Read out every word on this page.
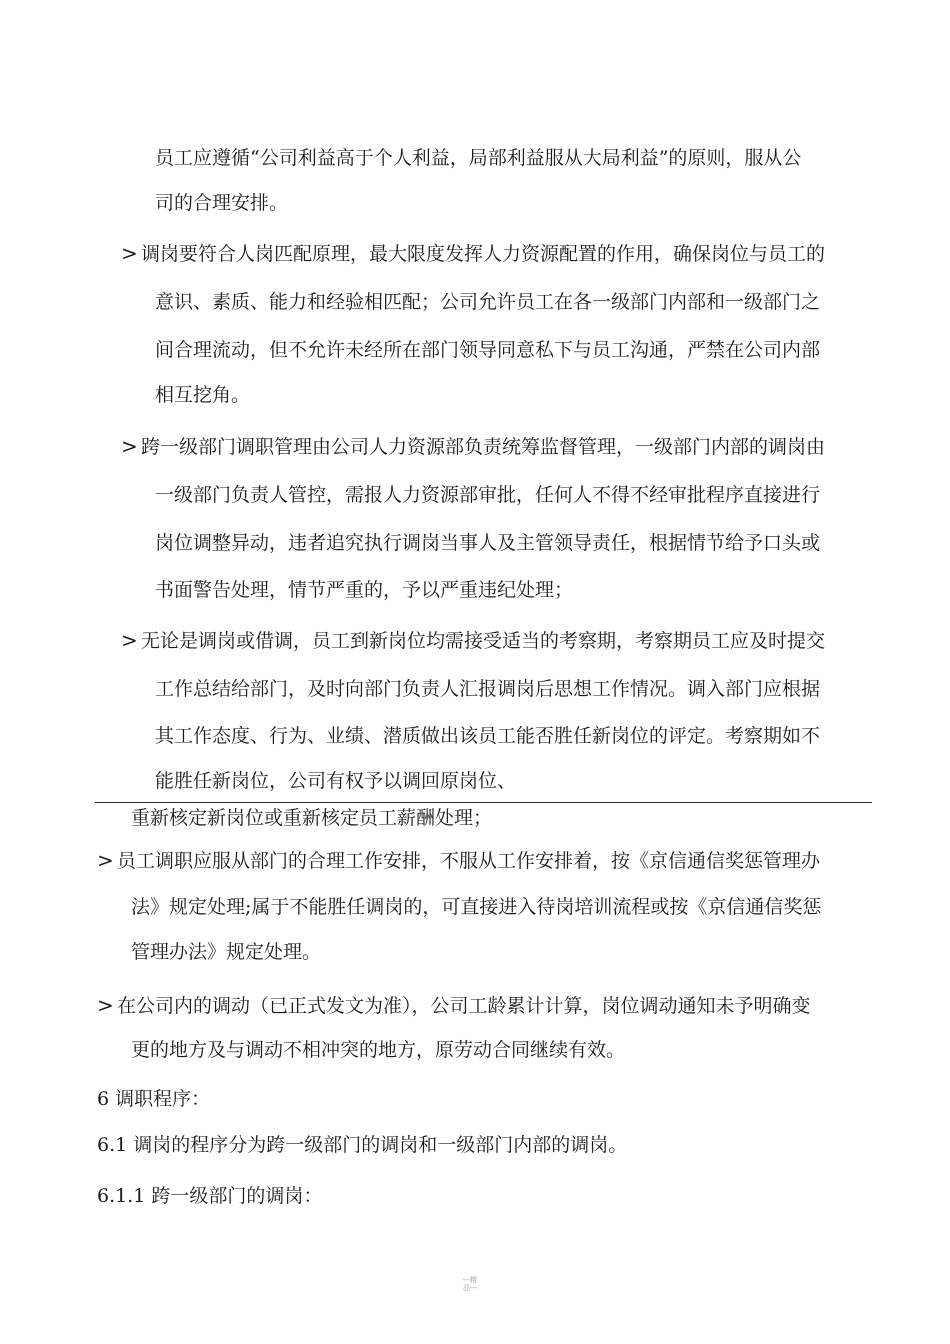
员工应遵循“公司利益高于个人利益，局部利益服从大局利益”的原则，服从公
司的合理安排。
> 调岗要符合人岗匹配原理，最大限度发挥人力资源配置的作用，确保岗位与员工的
意识、素质、能力和经验相匹配；公司允许员工在各一级部门内部和一级部门之
间合理流动，但不允许未经所在部门领导同意私下与员工沟通，严禁在公司内部
相互挖角。
> 跨一级部门调职管理由公司人力资源部负责统筹监督管理，一级部门内部的调岗由
一级部门负责人管控，需报人力资源部审批，任何人不得不经审批程序直接进行
岗位调整异动，违者追究执行调岗当事人及主管领导责任，根据情节给予口头或
书面警告处理，情节严重的，予以严重违纪处理；
> 无论是调岗或借调，员工到新岗位均需接受适当的考察期，考察期员工应及时提交
工作总结给部门，及时向部门负责人汇报调岗后思想工作情况。调入部门应根据
其工作态度、行为、业绩、潜质做出该员工能否胜任新岗位的评定。考察期如不
能胜任新岗位，公司有权予以调回原岗位、
重新核定新岗位或重新核定员工薪酬处理；
> 员工调职应服从部门的合理工作安排，不服从工作安排着，按《京信通信奖惩管理办
法》规定处理;属于不能胜任调岗的，可直接进入待岗培训流程或按《京信通信奖惩
管理办法》规定处理。
> 在公司内的调动（已正式发文为准），公司工龄累计计算，岗位调动通知未予明确变
更的地方及与调动不相冲突的地方，原劳动合同继续有效。
6 调职程序：
6.1 调岗的程序分为跨一级部门的调岗和一级部门内部的调岗。
6.1.1 跨一级部门的调岗：
---精
品---
